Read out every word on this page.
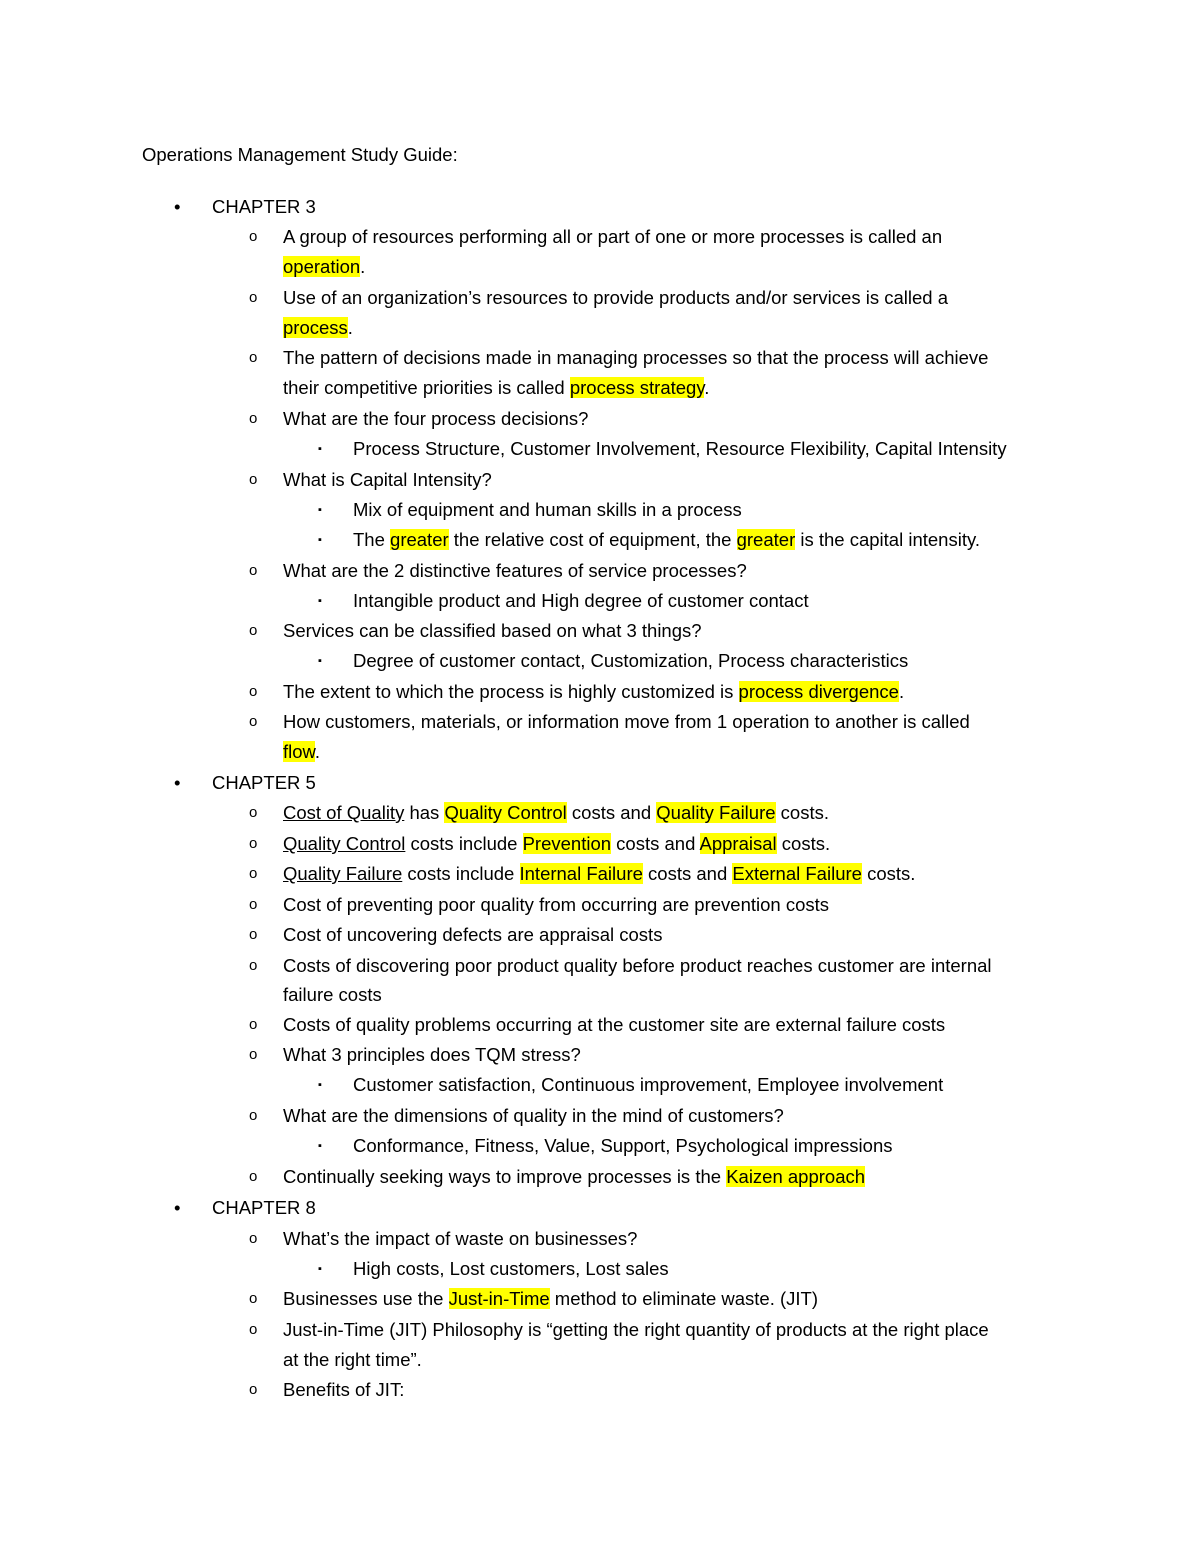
Operations Management Study Guide:
• CHAPTER 3
o A group of resources performing all or part of one or more processes is called an
operation.
o Use of an organization’s resources to provide products and/or services is called a
process.
o The pattern of decisions made in managing processes so that the process will achieve
their competitive priorities is called process strategy.
o What are the four process decisions?
▪ Process Structure, Customer Involvement, Resource Flexibility, Capital Intensity
o What is Capital Intensity?
▪ Mix of equipment and human skills in a process
▪ The greater the relative cost of equipment, the greater is the capital intensity.
o What are the 2 distinctive features of service processes?
▪ Intangible product and High degree of customer contact
o Services can be classified based on what 3 things?
▪ Degree of customer contact, Customization, Process characteristics
o The extent to which the process is highly customized is process divergence.
o How customers, materials, or information move from 1 operation to another is called
flow.
• CHAPTER 5
o Cost of Quality has Quality Control costs and Quality Failure costs.
o Quality Control costs include Prevention costs and Appraisal costs.
o Quality Failure costs include Internal Failure costs and External Failure costs.
o Cost of preventing poor quality from occurring are prevention costs
o Cost of uncovering defects are appraisal costs
o Costs of discovering poor product quality before product reaches customer are internal
failure costs
o Costs of quality problems occurring at the customer site are external failure costs
o What 3 principles does TQM stress?
▪ Customer satisfaction, Continuous improvement, Employee involvement
o What are the dimensions of quality in the mind of customers?
▪ Conformance, Fitness, Value, Support, Psychological impressions
o Continually seeking ways to improve processes is the Kaizen approach
• CHAPTER 8
o What’s the impact of waste on businesses?
▪ High costs, Lost customers, Lost sales
o Businesses use the Just-in-Time method to eliminate waste. (JIT)
o Just-in-Time (JIT) Philosophy is “getting the right quantity of products at the right place
at the right time”.
o Benefits of JIT:
